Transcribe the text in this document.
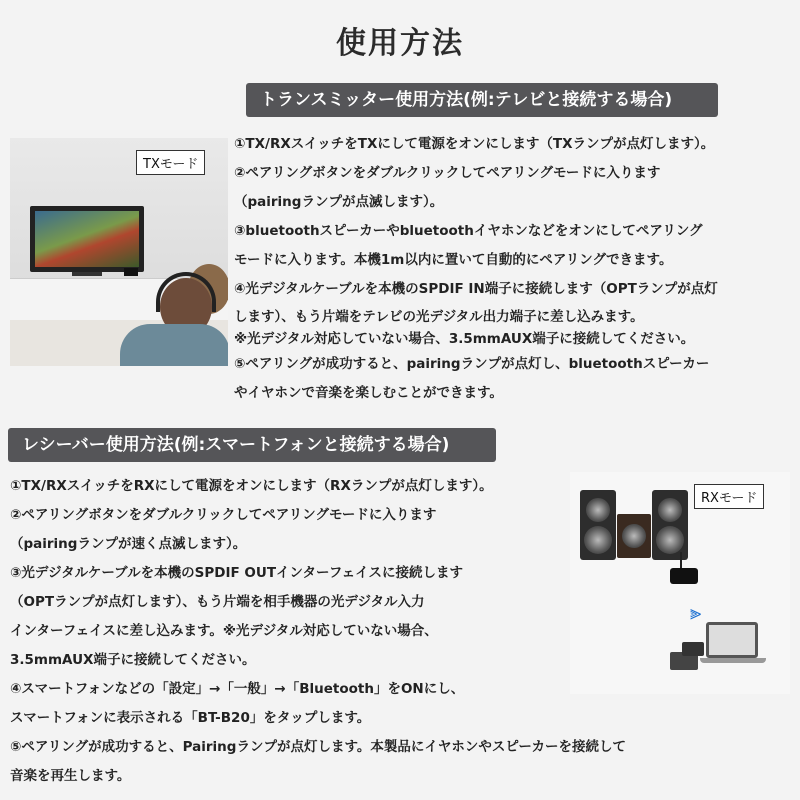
使用方法
トランスミッター使用方法(例:テレビと接続する場合)
TXモード

①TX/RXスイッチをTXにして電源をオンにします（TXランプが点灯します）。

②ペアリングボタンをダブルクリックしてペアリングモードに入ります

（pairingランプが点滅します）。

③bluetoothスピーカーやbluetoothイヤホンなどをオンにしてペアリング

モードに入ります。本機1m以内に置いて自動的にペアリングできます。

④光デジタルケーブルを本機のSPDIF IN端子に接続します（OPTランプが点灯

します）、もう片端をテレビの光デジタル出力端子に差し込みます。

※光デジタル対応していない場合、3.5mmAUX端子に接続してください。

⑤ペアリングが成功すると、pairingランプが点灯し、bluetoothスピーカー

やイヤホンで音楽を楽しむことができます。

レシーバー使用方法(例:スマートフォンと接続する場合)

①TX/RXスイッチをRXにして電源をオンにします（RXランプが点灯します）。

②ペアリングボタンをダブルクリックしてペアリングモードに入ります

（pairingランプが速く点滅します）。

③光デジタルケーブルを本機のSPDIF OUTインターフェイスに接続します

（OPTランプが点灯します）、もう片端を相手機器の光デジタル入力

インターフェイスに差し込みます。※光デジタル対応していない場合、

3.5mmAUX端子に接続してください。

④スマートフォンなどの「設定」→「一般」→「Bluetooth」をONにし、

スマートフォンに表示される「BT-B20」をタップします。

⑤ペアリングが成功すると、Pairingランプが点灯します。本製品にイヤホンやスピーカーを接続して

音楽を再生します。

⫸
RXモード
